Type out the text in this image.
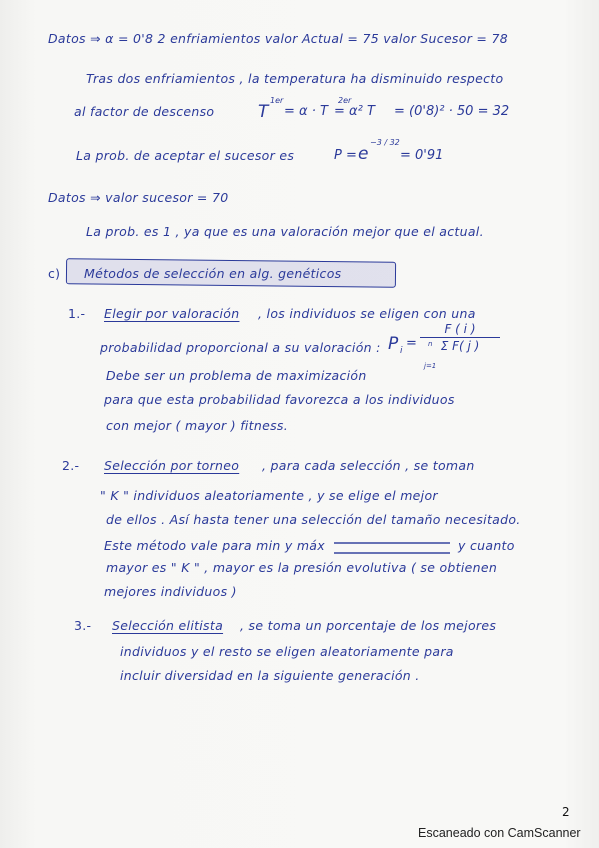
Datos ⇒ α = 0'8 2 enfriamientos valor Actual = 75 valor Sucesor = 78
Tras dos enfriamientos , la temperatura ha disminuido respecto
al factor de descenso	T
1er
= α · T
2er
= α² T = (0'8)² · 50 = 32
La prob. de aceptar el sucesor es	P = e
−3 / 32
= 0'91
Datos ⇒ valor sucesor = 70
La prob. es 1 , ya que es una valoración mejor que el actual.
c) Métodos de selección en alg. genéticos
1.- Elegir por valoración , los individuos se eligen con una
probabilidad proporcional a su valoración : P i =
F ( i )
Σ F( j )
n
j=1
Debe ser un problema de maximización
para que esta probabilidad favorezca a los individuos
con mejor ( mayor ) fitness.
2.- Selección por torneo , para cada selección , se toman
" K " individuos aleatoriamente , y se elige el mejor
de ellos . Así hasta tener una selección del tamaño necesitado.
Este método vale para min y máx	y cuanto
mayor es " K " , mayor es la presión evolutiva ( se obtienen
mejores individuos )
3.- Selección elitista , se toma un porcentaje de los mejores
individuos y el resto se eligen aleatoriamente para
incluir diversidad en la siguiente generación .
2
Escaneado con CamScanner
